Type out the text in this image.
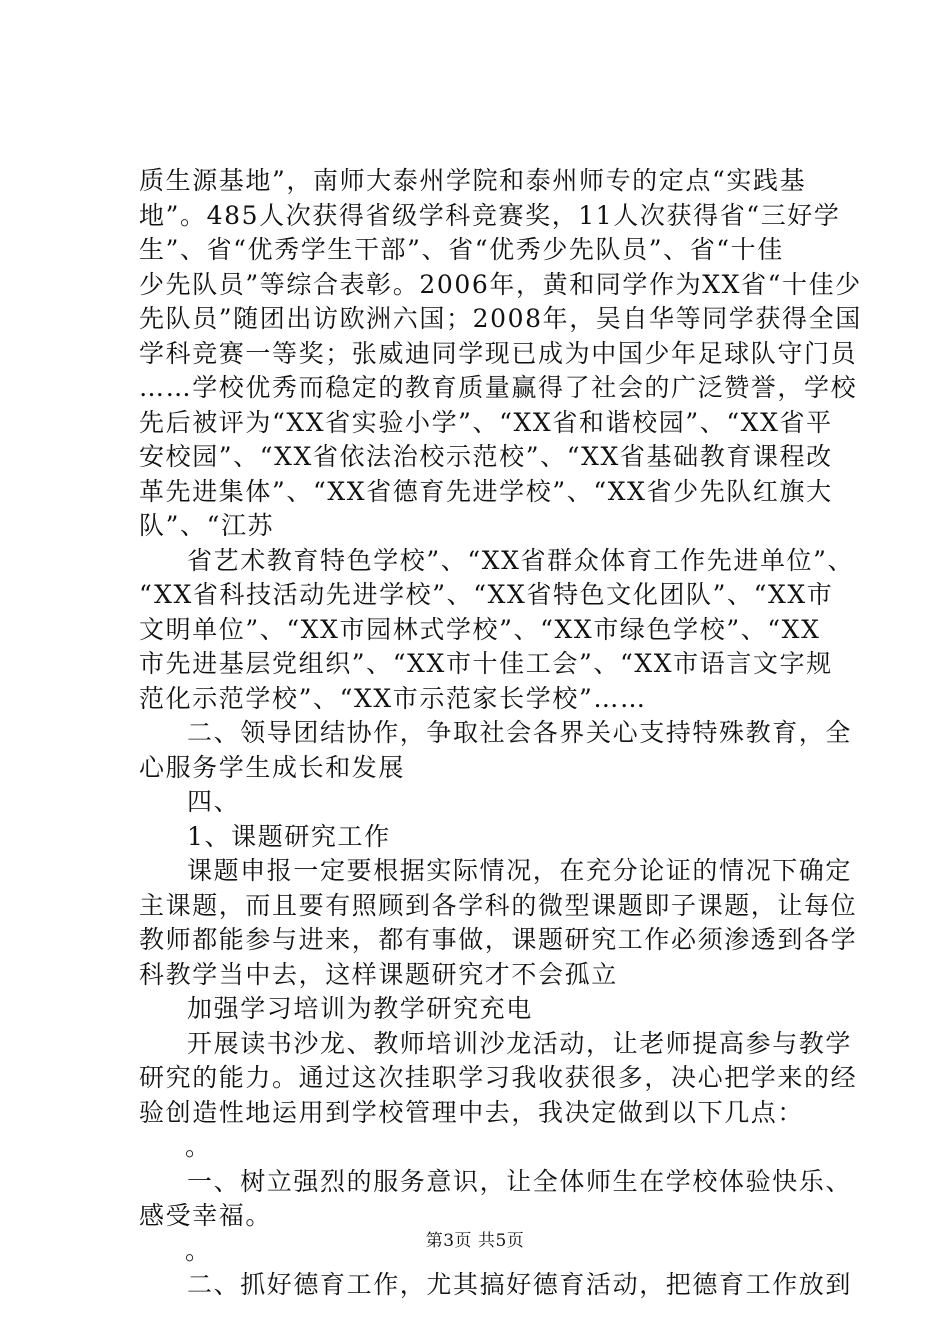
质生源基地”，南师大泰州学院和泰州师专的定点“实践基
地”。485人次获得省级学科竞赛奖，11人次获得省“三好学
生”、省“优秀学生干部”、省“优秀少先队员”、省“十佳
少先队员”等综合表彰。2006年，黄和同学作为XX省“十佳少
先队员”随团出访欧洲六国；2008年，吴自华等同学获得全国
学科竞赛一等奖；张威迪同学现已成为中国少年足球队守门员
……学校优秀而稳定的教育质量赢得了社会的广泛赞誉，学校
先后被评为“XX省实验小学”、“XX省和谐校园”、“XX省平
安校园”、“XX省依法治校示范校”、“XX省基础教育课程改
革先进集体”、“XX省德育先进学校”、“XX省少先队红旗大
队”、“江苏
省艺术教育特色学校”、“XX省群众体育工作先进单位”、
“XX省科技活动先进学校”、“XX省特色文化团队”、“XX市
文明单位”、“XX市园林式学校”、“XX市绿色学校”、“XX
市先进基层党组织”、“XX市十佳工会”、“XX市语言文字规
范化示范学校”、“XX市示范家长学校”……
二、领导团结协作，争取社会各界关心支持特殊教育，全
心服务学生成长和发展
四、
1、课题研究工作
课题申报一定要根据实际情况，在充分论证的情况下确定
主课题，而且要有照顾到各学科的微型课题即子课题，让每位
教师都能参与进来，都有事做，课题研究工作必须渗透到各学
科教学当中去，这样课题研究才不会孤立
加强学习培训为教学研究充电
开展读书沙龙、教师培训沙龙活动，让老师提高参与教学
研究的能力。通过这次挂职学习我收获很多，决心把学来的经
验创造性地运用到学校管理中去，我决定做到以下几点：
。
一、树立强烈的服务意识，让全体师生在学校体验快乐、
感受幸福。
。
二、抓好德育工作，尤其搞好德育活动，把德育工作放到
第3页 共5页
